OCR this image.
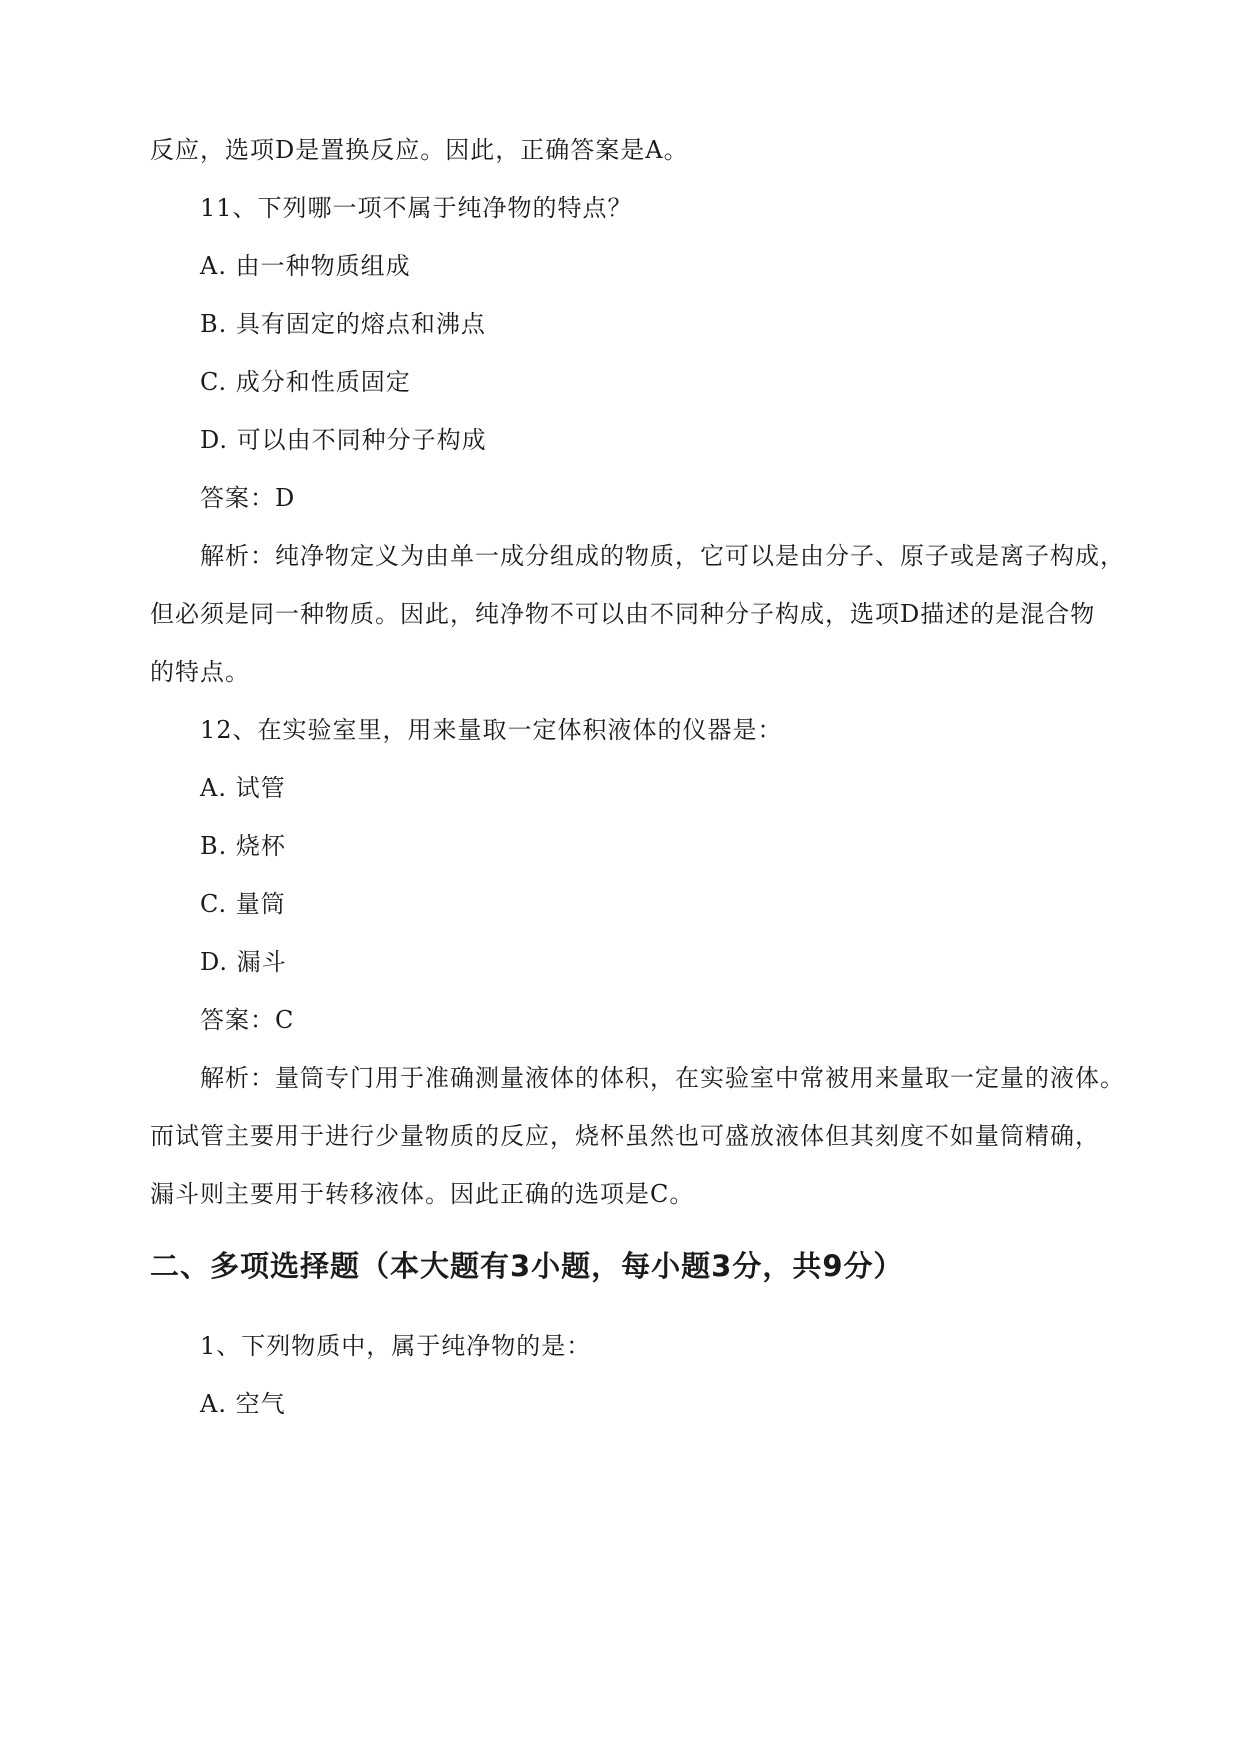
反应，选项D是置换反应。因此，正确答案是A。
11、下列哪一项不属于纯净物的特点？
A. 由一种物质组成
B. 具有固定的熔点和沸点
C. 成分和性质固定
D. 可以由不同种分子构成
答案：D
解析：纯净物定义为由单一成分组成的物质，它可以是由分子、原子或是离子构成，
但必须是同一种物质。因此，纯净物不可以由不同种分子构成，选项D描述的是混合物
的特点。
12、在实验室里，用来量取一定体积液体的仪器是：
A. 试管
B. 烧杯
C. 量筒
D. 漏斗
答案：C
解析：量筒专门用于准确测量液体的体积，在实验室中常被用来量取一定量的液体。
而试管主要用于进行少量物质的反应，烧杯虽然也可盛放液体但其刻度不如量筒精确，
漏斗则主要用于转移液体。因此正确的选项是C。
二、多项选择题（本大题有3小题，每小题3分，共9分）
1、下列物质中，属于纯净物的是：
A. 空气
